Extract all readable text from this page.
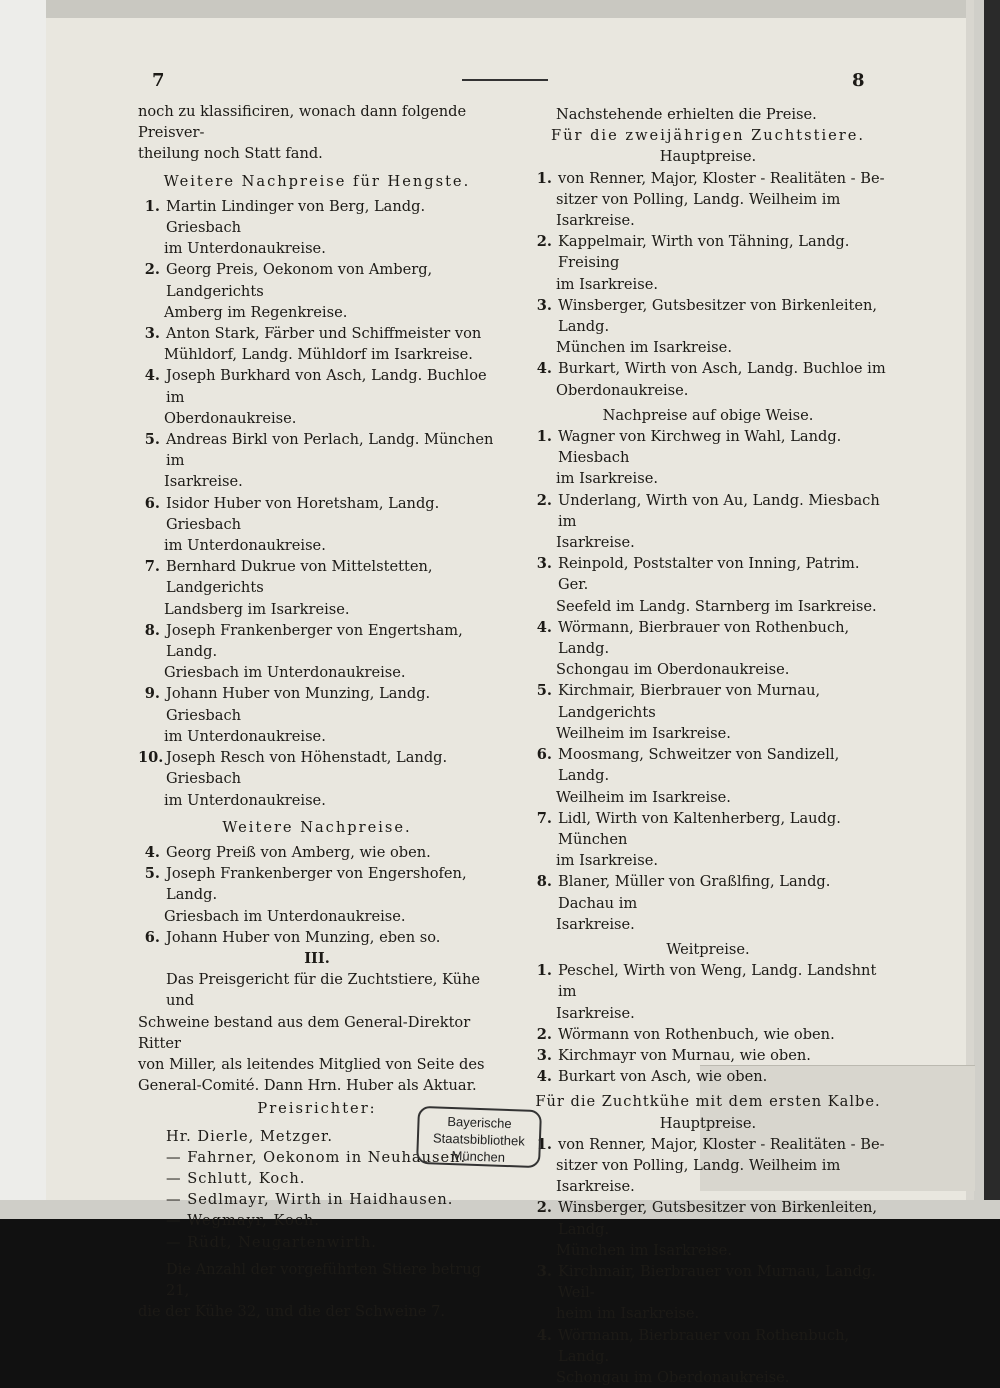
7	8

noch zu klassificiren, wonach dann folgende Preisver-

theilung noch Statt fand.

Weitere Nachpreise für Hengste.

1. Martin Lindinger von Berg, Landg. Griesbach

im Unterdonaukreise.

2. Georg Preis, Oekonom von Amberg, Landgerichts

Amberg im Regenkreise.

3. Anton Stark, Färber und Schiffmeister von

Mühldorf, Landg. Mühldorf im Isarkreise.

4. Joseph Burkhard von Asch, Landg. Buchloe im

Oberdonaukreise.

5. Andreas Birkl von Perlach, Landg. München im

Isarkreise.

6. Isidor Huber von Horetsham, Landg. Griesbach

im Unterdonaukreise.

7. Bernhard Dukrue von Mittelstetten, Landgerichts

Landsberg im Isarkreise.

8. Joseph Frankenberger von Engertsham, Landg.

Griesbach im Unterdonaukreise.

9. Johann Huber von Munzing, Landg. Griesbach

im Unterdonaukreise.

10. Joseph Resch von Höhenstadt, Landg. Griesbach

im Unterdonaukreise.

Weitere Nachpreise.

4. Georg Preiß von Amberg, wie oben.

5. Joseph Frankenberger von Engershofen, Landg.

Griesbach im Unterdonaukreise.

6. Johann Huber von Munzing, eben so.

III.

Das Preisgericht für die Zuchtstiere, Kühe und

Schweine bestand aus dem General-Direktor Ritter

von Miller, als leitendes Mitglied von Seite des

General-Comité. Dann Hrn. Huber als Aktuar.

Preisrichter:

Hr. Dierle, Metzger.

— Fahrner, Oekonom in Neuhausen.

— Schlutt, Koch.

— Sedlmayr, Wirth in Haidhausen.

— Wegmayr, Koch.

— Rüdt, Neugartenwirth.

Die Anzahl der vorgeführten Stiere betrug 21,

die der Kühe 32, und die der Schweine 7.

Nachstehende erhielten die Preise.

Für die zweijährigen Zuchtstiere.

Hauptpreise.

1. von Renner, Major, Kloster - Realitäten - Be-

sitzer von Polling, Landg. Weilheim im Isarkreise.

2. Kappelmair, Wirth von Tähning, Landg. Freising

im Isarkreise.

3. Winsberger, Gutsbesitzer von Birkenleiten, Landg.

München im Isarkreise.

4. Burkart, Wirth von Asch, Landg. Buchloe im

Oberdonaukreise.

Nachpreise auf obige Weise.

1. Wagner von Kirchweg in Wahl, Landg. Miesbach

im Isarkreise.

2. Underlang, Wirth von Au, Landg. Miesbach im

Isarkreise.

3. Reinpold, Poststalter von Inning, Patrim. Ger.

Seefeld im Landg. Starnberg im Isarkreise.

4. Wörmann, Bierbrauer von Rothenbuch, Landg.

Schongau im Oberdonaukreise.

5. Kirchmair, Bierbrauer von Murnau, Landgerichts

Weilheim im Isarkreise.

6. Moosmang, Schweitzer von Sandizell, Landg.

Weilheim im Isarkreise.

7. Lidl, Wirth von Kaltenherberg, Laudg. München

im Isarkreise.

8. Blaner, Müller von Graßlfing, Landg. Dachau im

Isarkreise.

Weitpreise.

1. Peschel, Wirth von Weng, Landg. Landshnt im

Isarkreise.

2. Wörmann von Rothenbuch, wie oben.

3. Kirchmayr von Murnau, wie oben.

4. Burkart von Asch, wie oben.

Für die Zuchtkühe mit dem ersten Kalbe.

Hauptpreise.

1. von Renner, Major, Kloster - Realitäten - Be-

sitzer von Polling, Landg. Weilheim im Isarkreise.

2. Winsberger, Gutsbesitzer von Birkenleiten, Landg.

München im Isarkreise.

3. Kirchmair, Bierbrauer von Murnau, Landg. Weil-

heim im Isarkreise.

4. Wörmann, Bierbrauer von Rothenbuch, Landg.

Schongau im Oberdonaukreise.

Bayerische
Staatsbibliothek
München
